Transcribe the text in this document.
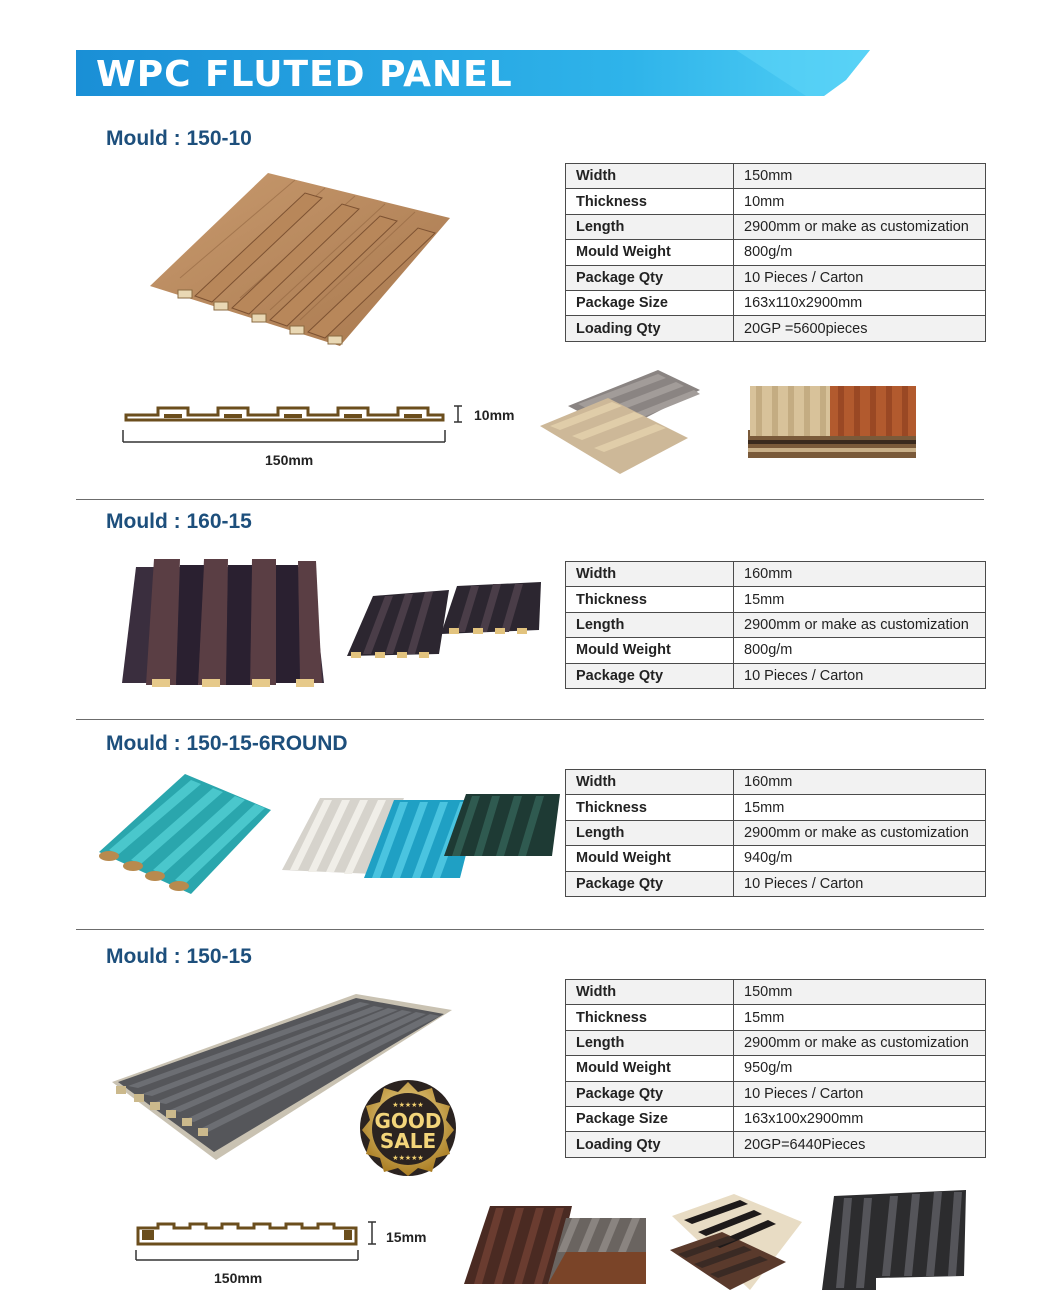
WPC FLUTED PANEL
Mould : 150-10
Width	150mm
Thickness	10mm
Length	2900mm or make as customization
Mould Weight	800g/m
Package Qty	10 Pieces / Carton
Package Size	163x110x2900mm
Loading Qty	20GP =5600pieces
10mm
150mm
Mould : 160-15
Width	160mm
Thickness	15mm
Length	2900mm or make as customization
Mould Weight	800g/m
Package Qty	10 Pieces / Carton
Mould : 150-15-6ROUND
Width	160mm
Thickness	15mm
Length	2900mm or make as customization
Mould Weight	940g/m
Package Qty	10 Pieces / Carton
Mould : 150-15
Width	150mm
Thickness	15mm
Length	2900mm or make as customization
Mould Weight	950g/m
Package Qty	10 Pieces / Carton
Package Size	163x100x2900mm
Loading Qty	20GP=6440Pieces
★★★★★
GOOD
SALE
★★★★★
15mm
150mm
